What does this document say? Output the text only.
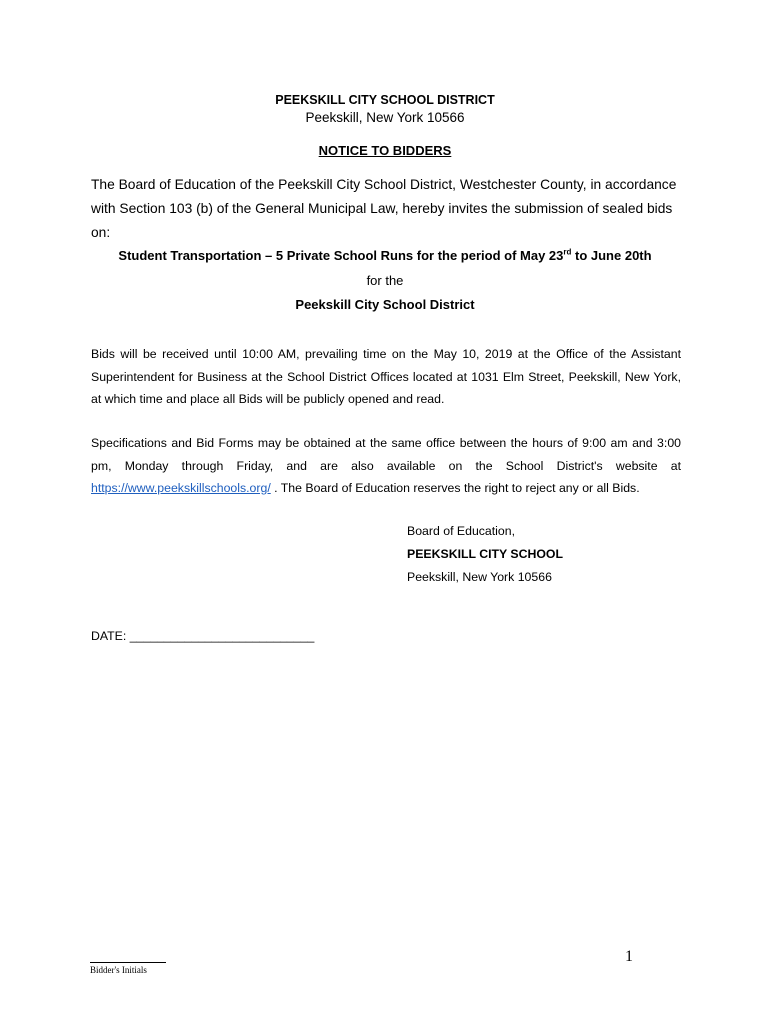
PEEKSKILL CITY SCHOOL DISTRICT
Peekskill, New York 10566
NOTICE TO BIDDERS
The Board of Education of the Peekskill City School District, Westchester County, in accordance with Section 103 (b) of the General Municipal Law, hereby invites the submission of sealed bids on:
Student Transportation – 5 Private School Runs for the period of May 23rd to June 20th
for the
Peekskill City School District
Bids will be received until 10:00 AM, prevailing time on the May 10, 2019 at the Office of the Assistant Superintendent for Business at the School District Offices located at 1031 Elm Street, Peekskill, New York, at which time and place all Bids will be publicly opened and read.
Specifications and Bid Forms may be obtained at the same office between the hours of 9:00 am and 3:00 pm, Monday through Friday, and are also available on the School District's website at https://www.peekskillschools.org/ . The Board of Education reserves the right to reject any or all Bids.
Board of Education,
PEEKSKILL CITY SCHOOL
Peekskill, New York 10566
DATE: ___________________________
1
Bidder's Initials
